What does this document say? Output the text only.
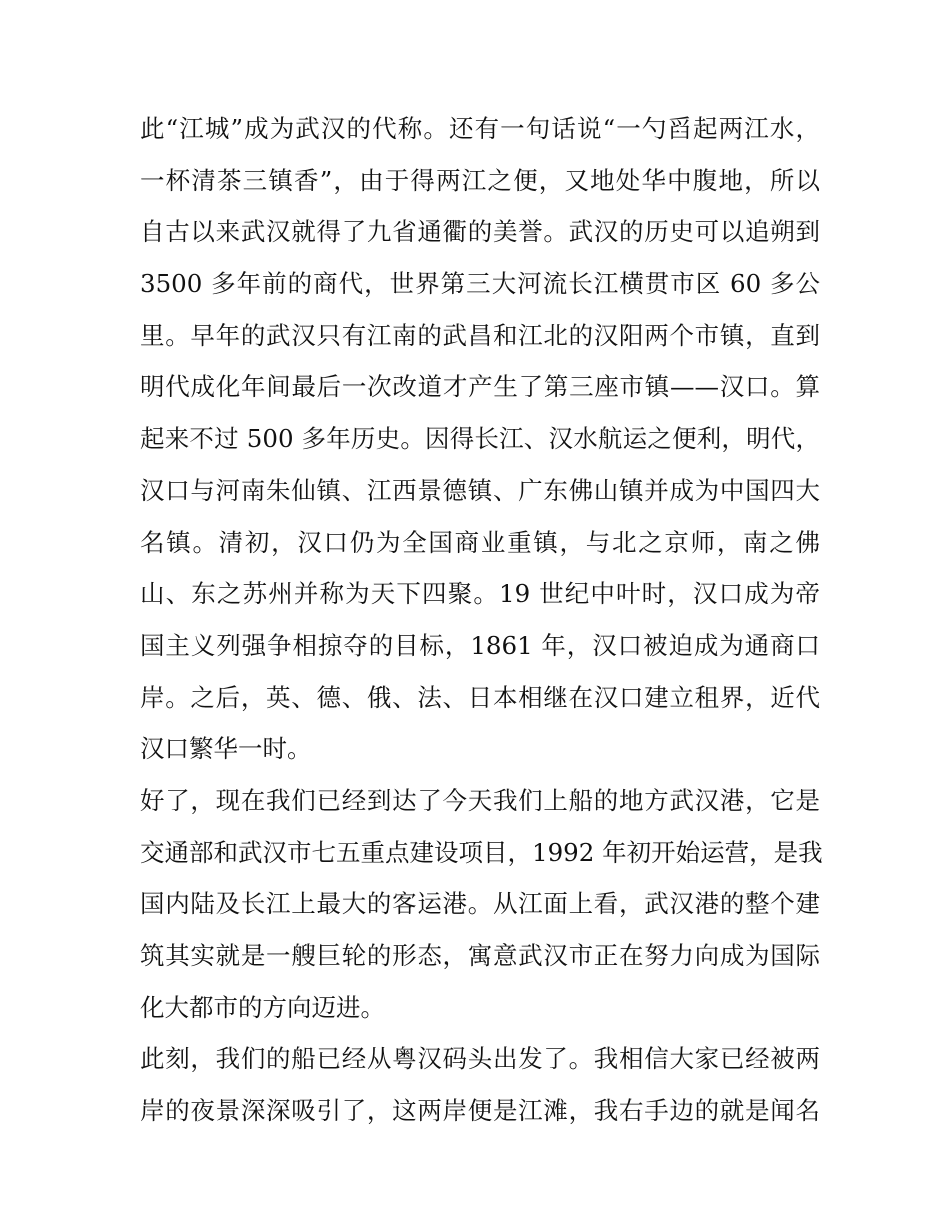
此“江城”成为武汉的代称。还有一句话说“一勺舀起两江水，
一杯清茶三镇香”，由于得两江之便，又地处华中腹地，所以
自古以来武汉就得了九省通衢的美誉。武汉的历史可以追朔到
3500 多年前的商代，世界第三大河流长江横贯市区 60 多公
里。早年的武汉只有江南的武昌和江北的汉阳两个市镇，直到
明代成化年间最后一次改道才产生了第三座市镇——汉口。算
起来不过 500 多年历史。因得长江、汉水航运之便利，明代，
汉口与河南朱仙镇、江西景德镇、广东佛山镇并成为中国四大
名镇。清初，汉口仍为全国商业重镇，与北之京师，南之佛
山、东之苏州并称为天下四聚。19 世纪中叶时，汉口成为帝
国主义列强争相掠夺的目标，1861 年，汉口被迫成为通商口
岸。之后，英、德、俄、法、日本相继在汉口建立租界，近代
汉口繁华一时。
好了，现在我们已经到达了今天我们上船的地方武汉港，它是
交通部和武汉市七五重点建设项目，1992 年初开始运营，是我
国内陆及长江上最大的客运港。从江面上看，武汉港的整个建
筑其实就是一艘巨轮的形态，寓意武汉市正在努力向成为国际
化大都市的方向迈进。
此刻，我们的船已经从粤汉码头出发了。我相信大家已经被两
岸的夜景深深吸引了，这两岸便是江滩，我右手边的就是闻名
